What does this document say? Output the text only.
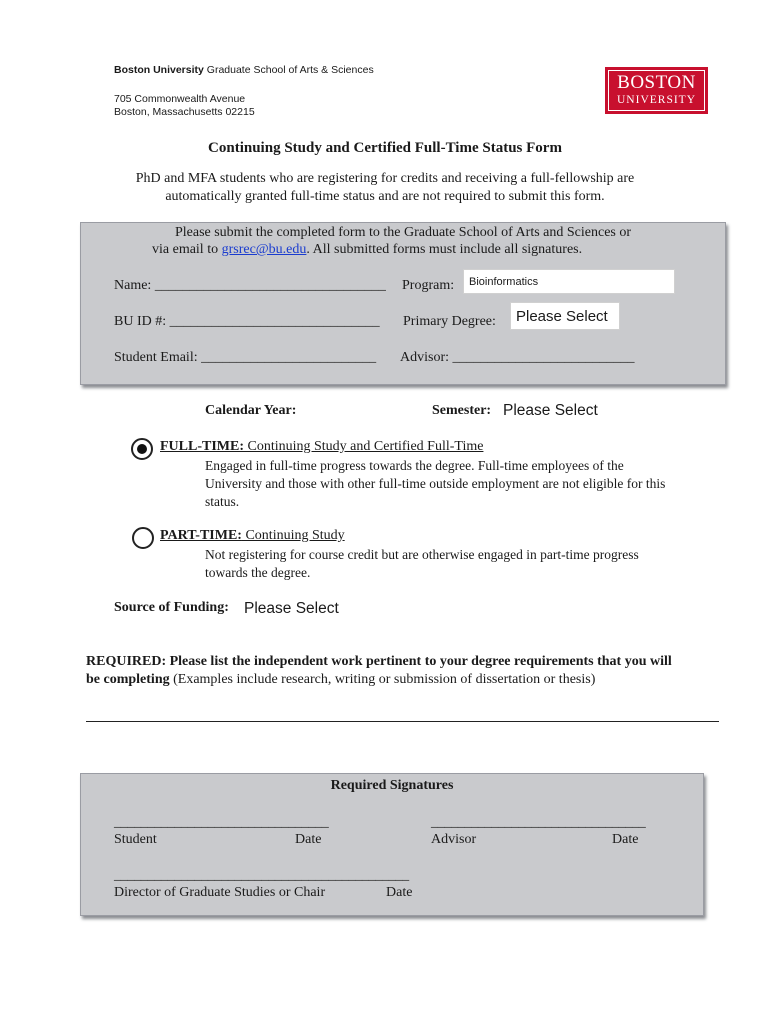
Boston University Graduate School of Arts & Sciences
705 Commonwealth Avenue
Boston, Massachusetts 02215
BOSTON
UNIVERSITY
Continuing Study and Certified Full-Time Status Form
PhD and MFA students who are registering for credits and receiving a full-fellowship are automatically granted full-time status and are not required to submit this form.
Please submit the completed form to the Graduate School of Arts and Sciences or
via email to grsrec@bu.edu. All submitted forms must include all signatures.
Name: _________________________________ Program:	Bioinformatics
BU ID #: ______________________________ Primary Degree:	Please Select
Student Email: _________________________ Advisor: __________________________
Calendar Year:	Semester: Please Select
FULL-TIME: Continuing Study and Certified Full-Time
Engaged in full-time progress towards the degree. Full-time employees of the
University and those with other full-time outside employment are not eligible for this
status.
PART-TIME: Continuing Study
Not registering for course credit but are otherwise engaged in part-time progress
towards the degree.
Source of Funding: Please Select
REQUIRED: Please list the independent work pertinent to your degree requirements that you will
be completing (Examples include research, writing or submission of dissertation or thesis)
Required Signatures
________________________________	________________________________
Student	Date	Advisor	Date
____________________________________________
Director of Graduate Studies or Chair	Date
